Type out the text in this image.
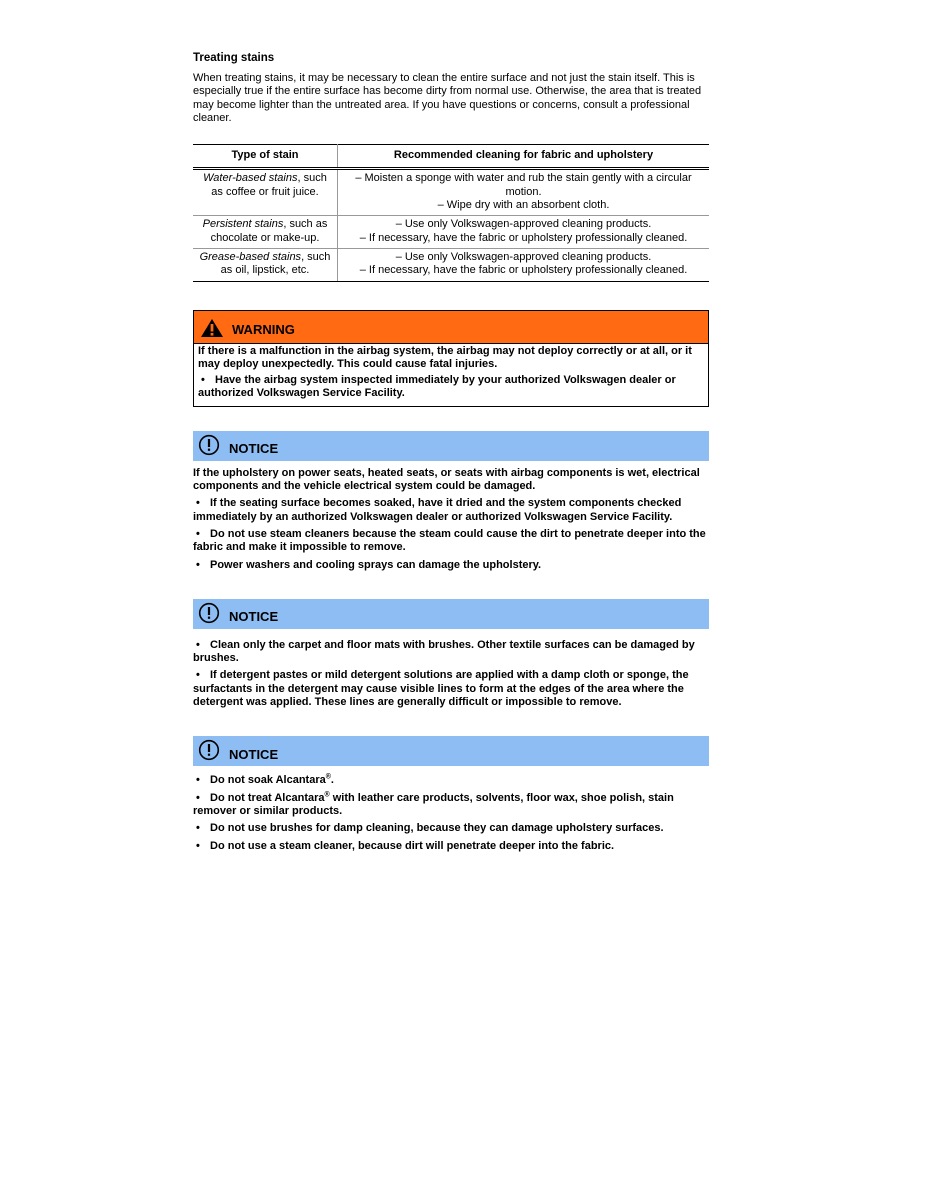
Treating stains

When treating stains, it may be necessary to clean the entire surface and not just the stain itself. This is especially true if the entire surface has become dirty from normal use. Otherwise, the area that is treated may become lighter than the untreated area. If you have questions or concerns, consult a professional cleaner.

Type of stain	Recommended cleaning for fabric and upholstery
Water-based stains, such as coffee or fruit juice.	– Moisten a sponge with water and rub the stain gently with a circular motion.
– Wipe dry with an absorbent cloth.

Persistent stains, such as chocolate or make-up.	– Use only Volkswagen-approved cleaning products.
– If necessary, have the fabric or upholstery professionally cleaned.

Grease-based stains, such as oil, lipstick, etc.	– Use only Volkswagen-approved cleaning products.
– If necessary, have the fabric or upholstery professionally cleaned.
WARNING

If there is a malfunction in the airbag system, the airbag may not deploy correctly or at all, or it may deploy unexpectedly. This could cause fatal injuries.

• Have the airbag system inspected immediately by your authorized Volkswagen dealer or authorized Volkswagen Service Facility.

NOTICE

If the upholstery on power seats, heated seats, or seats with airbag components is wet, electrical components and the vehicle electrical system could be damaged.

• If the seating surface becomes soaked, have it dried and the system components checked immediately by an authorized Volkswagen dealer or authorized Volkswagen Service Facility.

• Do not use steam cleaners because the steam could cause the dirt to penetrate deeper into the fabric and make it impossible to remove.

• Power washers and cooling sprays can damage the upholstery.

NOTICE

• Clean only the carpet and floor mats with brushes. Other textile surfaces can be damaged by brushes.

• If detergent pastes or mild detergent solutions are applied with a damp cloth or sponge, the surfactants in the detergent may cause visible lines to form at the edges of the area where the detergent was applied. These lines are generally difficult or impossible to remove.

NOTICE

• Do not soak Alcantara®.

• Do not treat Alcantara® with leather care products, solvents, floor wax, shoe polish, stain remover or similar products.

• Do not use brushes for damp cleaning, because they can damage upholstery surfaces.

• Do not use a steam cleaner, because dirt will penetrate deeper into the fabric.
